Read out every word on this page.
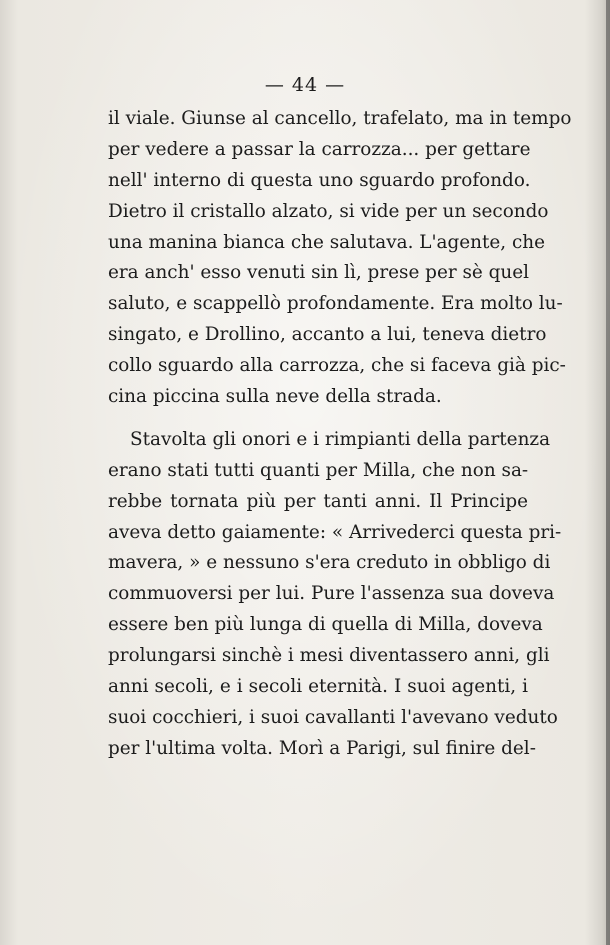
— 44 —
il viale. Giunse al cancello, trafelato, ma in tempo
per vedere a passar la carrozza... per gettare
nell' interno di questa uno sguardo profondo.
Dietro il cristallo alzato, si vide per un secondo
una manina bianca che salutava. L'agente, che
era anch' esso venuti sin lì, prese per sè quel
saluto, e scappellò profondamente. Era molto lu-
singato, e Drollino, accanto a lui, teneva dietro
collo sguardo alla carrozza, che si faceva già pic-
cina piccina sulla neve della strada.
Stavolta gli onori e i rimpianti della partenza
erano stati tutti quanti per Milla, che non sa-
rebbe tornata più per tanti anni. Il Principe
aveva detto gaiamente: « Arrivederci questa pri-
mavera, » e nessuno s'era creduto in obbligo di
commuoversi per lui. Pure l'assenza sua doveva
essere ben più lunga di quella di Milla, doveva
prolungarsi sinchè i mesi diventassero anni, gli
anni secoli, e i secoli eternità. I suoi agenti, i
suoi cocchieri, i suoi cavallanti l'avevano veduto
per l'ultima volta. Morì a Parigi, sul finire del-
